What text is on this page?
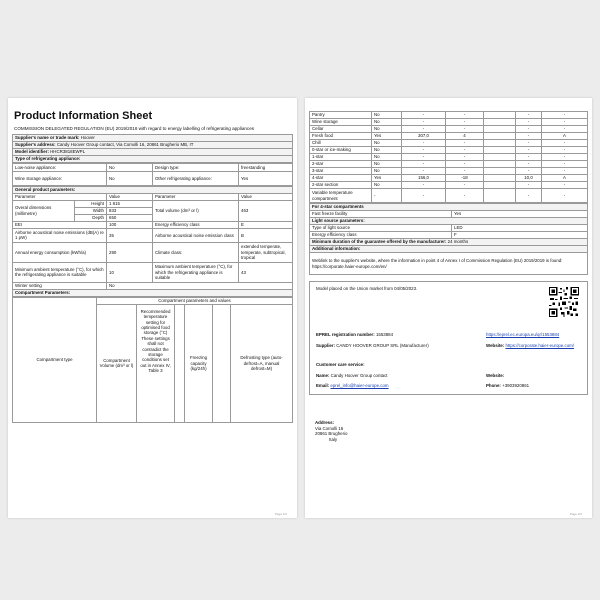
Product Information Sheet
COMMISSION DELEGATED REGULATION (EU) 2019/2016 with regard to energy labelling of refrigerating appliances
Supplier's name or trade mark: Hoover
Supplier's address: Candy Hoover Group contact, Via Comolli 16, 20861 Brugherio MB, IT
Model identifier: HHCR3818EWPL
Type of refrigerating appliance:
Low-noise appliance:	No	Design type:	freestanding
Wine storage appliance:	No	Other refrigerating appliance:	Yes
General product parameters:				
Parameter		Value	Parameter	Value
Overal dimensions (millimetre)	Height	1 815	Total volume (dm³ or l)	463
	Width	833		
	Depth	650		
EEI		100	Energy efficiency class	E
Airborne acoustical noise emissions (dB(A) re 1 pW)		35	Airborne acoustical noise emission class	B
Annual energy consumption (kWh/a)		290	Climate class:	extended temperate, temperate, subtropical, tropical
Minimum ambient temperature (°C), for which the refrigerating appliance is suitable		10	Maximum ambient temperature (°C), for which the refrigerating appliance is suitable	43
Winter setting		No		
Compartment Parameters:				
Compartment type	Compartment parameters and values					
	Compartment Volume (dm³ or l)	Recommended temperature setting for optimised food storage (°C) These settings shall not contradict the storage conditions set out in Annex IV, Table 3		Freezing capacity (kg/24h)		Defrosting type (auto-defrost=A, manual defrost=M)
Page 1/2
Pantry	No	-	-		-	-
Wine storage	No	-	-		-	-
Cellar	No	-	-		-	-
Fresh food	Yes	307,0	4		-	A
Chill	No	-	-		-	-
0-star or ice-making	No	-	-		-	-
1-star	No	-	-		-	-
2-star	No	-	-		-	-
3-star	No	-	-		-	-
4-star	Yes	156,0	-18		10,0	A
2-star section	No	-	-		-	-
Variable temperature compartment	-	-	-		-	-
For 4-star compartments	
Fast freeze facility	Yes
Light source parameters:	
Type of light source	LED
Energy efficiency class	F
Minimum duration of the guarantee offered by the manufacturer: 24 months	
Additional information:	
Weblink to the supplier's website, where the information in point 4 of Annex I of Commission Regulation (EU) 2019/2019 is found: https://corporate.haier-europe.com/en/	
Model placed on the Union market from 04/05/2023.
EPREL registration number: 1553884	https://eprel.ec.europa.eu/qr/1553884
Supplier: CANDY HOOVER GROUP SRL (Manufacturer)	Website: https://corporate.haier-europe.com/
Customer care service:
Name: Candy Hoover Group contact	Website:
Email: eprel_info@haier-europe.com	Phone: +3903920861
Address:
Via Comolli 16
20861 Brugherio
Italy
Page 2/2
